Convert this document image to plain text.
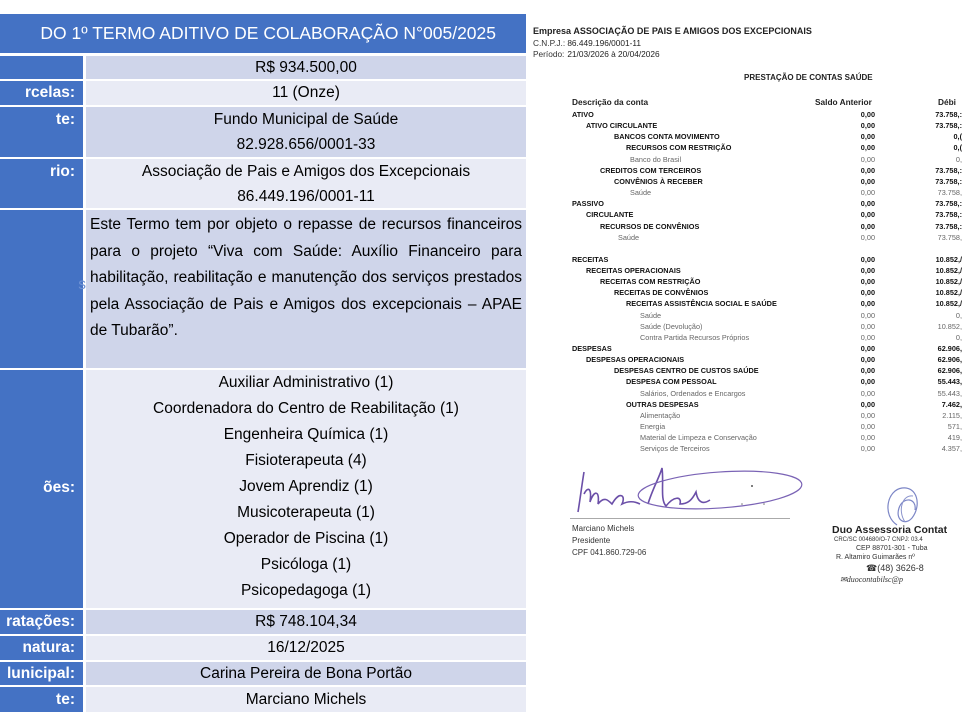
DO 1º TERMO ADITIVO DE COLABORAÇÃO N°005/2025
R$ 934.500,00
rcelas:	11 (Onze)
te:	Fundo Municipal de Saúde
82.928.656/0001-33
rio:	Associação de Pais e Amigos dos Excepcionais
86.449.196/0001-11
s
Este Termo tem por objeto o repasse de recursos financeiros para o projeto “Viva com Saúde: Auxílio Financeiro para habilitação, reabilitação e manutenção dos serviços prestados pela Associação de Pais e Amigos dos excepcionais – APAE de Tubarão”.
ões:
Auxiliar Administrativo (1)
Coordenadora do Centro de Reabilitação (1)
Engenheira Química (1)
Fisioterapeuta (4)
Jovem Aprendiz (1)
Musicoterapeuta (1)
Operador de Piscina (1)
Psicóloga (1)
Psicopedagoga (1)
ratações:	R$ 748.104,34
natura:	16/12/2025
lunicipal:	Carina Pereira de Bona Portão
te:	Marciano Michels
Empresa ASSOCIAÇÃO DE PAIS E AMIGOS DOS EXCEPCIONAIS
C.N.P.J.: 86.449.196/0001-11
Período: 21/03/2026 à 20/04/2026
PRESTAÇÃO DE CONTAS SAÚDE
Descrição da conta	Saldo Anterior	Débi
ATIVO	0,00	73.758,:
ATIVO CIRCULANTE	0,00	73.758,:
BANCOS CONTA MOVIMENTO	0,00	0,(
RECURSOS COM RESTRIÇÃO	0,00	0,(
Banco do Brasil	0,00	0,
CREDITOS COM TERCEIROS	0,00	73.758,:
CONVÊNIOS À RECEBER	0,00	73.758,:
Saúde	0,00	73.758,
PASSIVO	0,00	73.758,:
CIRCULANTE	0,00	73.758,:
RECURSOS DE CONVÊNIOS	0,00	73.758,:
Saúde	0,00	73.758,
RECEITAS	0,00	10.852,/
RECEITAS OPERACIONAIS	0,00	10.852,/
RECEITAS COM RESTRIÇÃO	0,00	10.852,/
RECEITAS DE CONVÊNIOS	0,00	10.852,/
RECEITAS ASSISTÊNCIA SOCIAL E SAÚDE	0,00	10.852,/
Saúde	0,00	0,
Saúde (Devolução)	0,00	10.852,
Contra Partida Recursos Próprios	0,00	0,
DESPESAS	0,00	62.906,
DESPESAS OPERACIONAIS	0,00	62.906,
DESPESAS CENTRO DE CUSTOS SAÚDE	0,00	62.906,
DESPESA COM PESSOAL	0,00	55.443,
Salários, Ordenados e Encargos	0,00	55.443,
OUTRAS DESPESAS	0,00	7.462,
Alimentação	0,00	2.115,
Energia	0,00	571,
Material de Limpeza e Conservação	0,00	419,
Serviços de Terceiros	0,00	4.357,
Marciano Michels
Presidente
CPF 041.860.729-06
Duo Assessoria Contat
CRC/SC 004680/O-7 CNPJ: 03.4
CEP 88701-301 - Tuba
R. Altamiro Guimarães nº
☎(48) 3626-8
✉duocontabilsc@p
